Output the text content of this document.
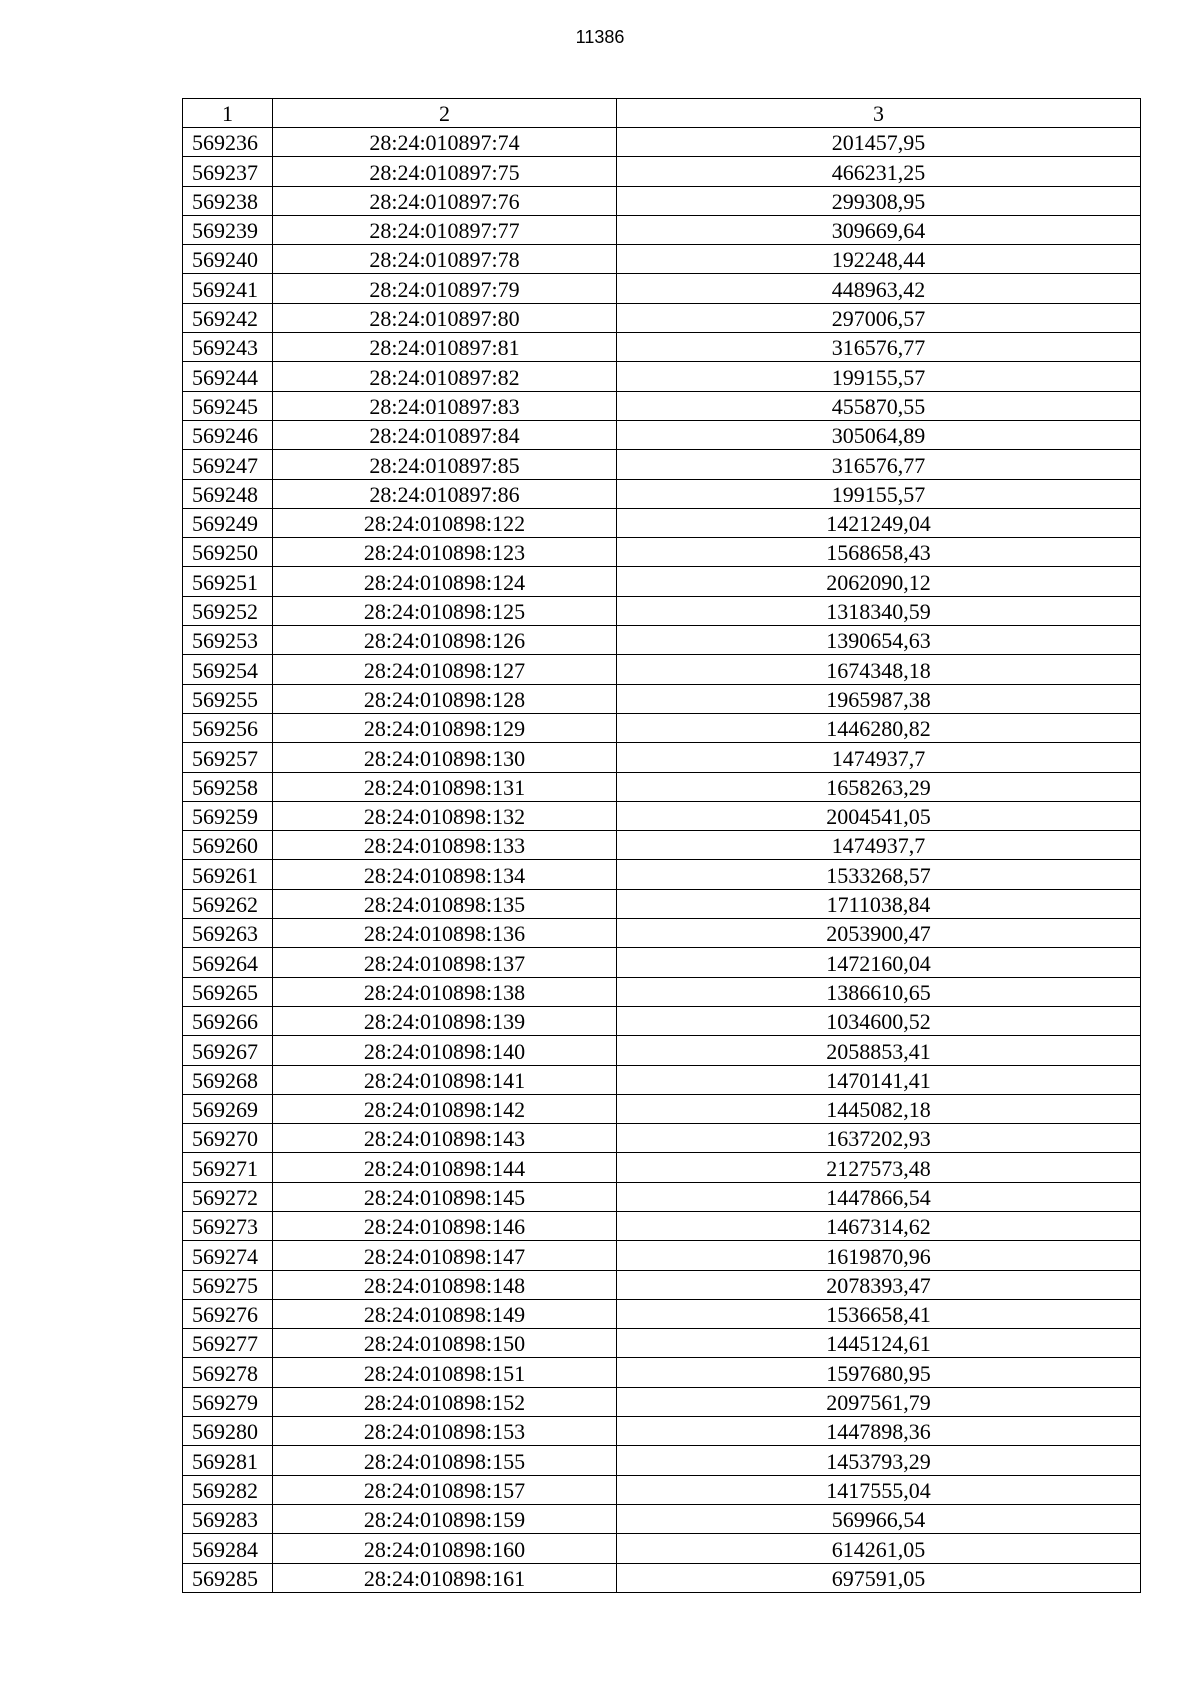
11386
1	2	3
569236	28:24:010897:74	201457,95
569237	28:24:010897:75	466231,25
569238	28:24:010897:76	299308,95
569239	28:24:010897:77	309669,64
569240	28:24:010897:78	192248,44
569241	28:24:010897:79	448963,42
569242	28:24:010897:80	297006,57
569243	28:24:010897:81	316576,77
569244	28:24:010897:82	199155,57
569245	28:24:010897:83	455870,55
569246	28:24:010897:84	305064,89
569247	28:24:010897:85	316576,77
569248	28:24:010897:86	199155,57
569249	28:24:010898:122	1421249,04
569250	28:24:010898:123	1568658,43
569251	28:24:010898:124	2062090,12
569252	28:24:010898:125	1318340,59
569253	28:24:010898:126	1390654,63
569254	28:24:010898:127	1674348,18
569255	28:24:010898:128	1965987,38
569256	28:24:010898:129	1446280,82
569257	28:24:010898:130	1474937,7
569258	28:24:010898:131	1658263,29
569259	28:24:010898:132	2004541,05
569260	28:24:010898:133	1474937,7
569261	28:24:010898:134	1533268,57
569262	28:24:010898:135	1711038,84
569263	28:24:010898:136	2053900,47
569264	28:24:010898:137	1472160,04
569265	28:24:010898:138	1386610,65
569266	28:24:010898:139	1034600,52
569267	28:24:010898:140	2058853,41
569268	28:24:010898:141	1470141,41
569269	28:24:010898:142	1445082,18
569270	28:24:010898:143	1637202,93
569271	28:24:010898:144	2127573,48
569272	28:24:010898:145	1447866,54
569273	28:24:010898:146	1467314,62
569274	28:24:010898:147	1619870,96
569275	28:24:010898:148	2078393,47
569276	28:24:010898:149	1536658,41
569277	28:24:010898:150	1445124,61
569278	28:24:010898:151	1597680,95
569279	28:24:010898:152	2097561,79
569280	28:24:010898:153	1447898,36
569281	28:24:010898:155	1453793,29
569282	28:24:010898:157	1417555,04
569283	28:24:010898:159	569966,54
569284	28:24:010898:160	614261,05
569285	28:24:010898:161	697591,05
